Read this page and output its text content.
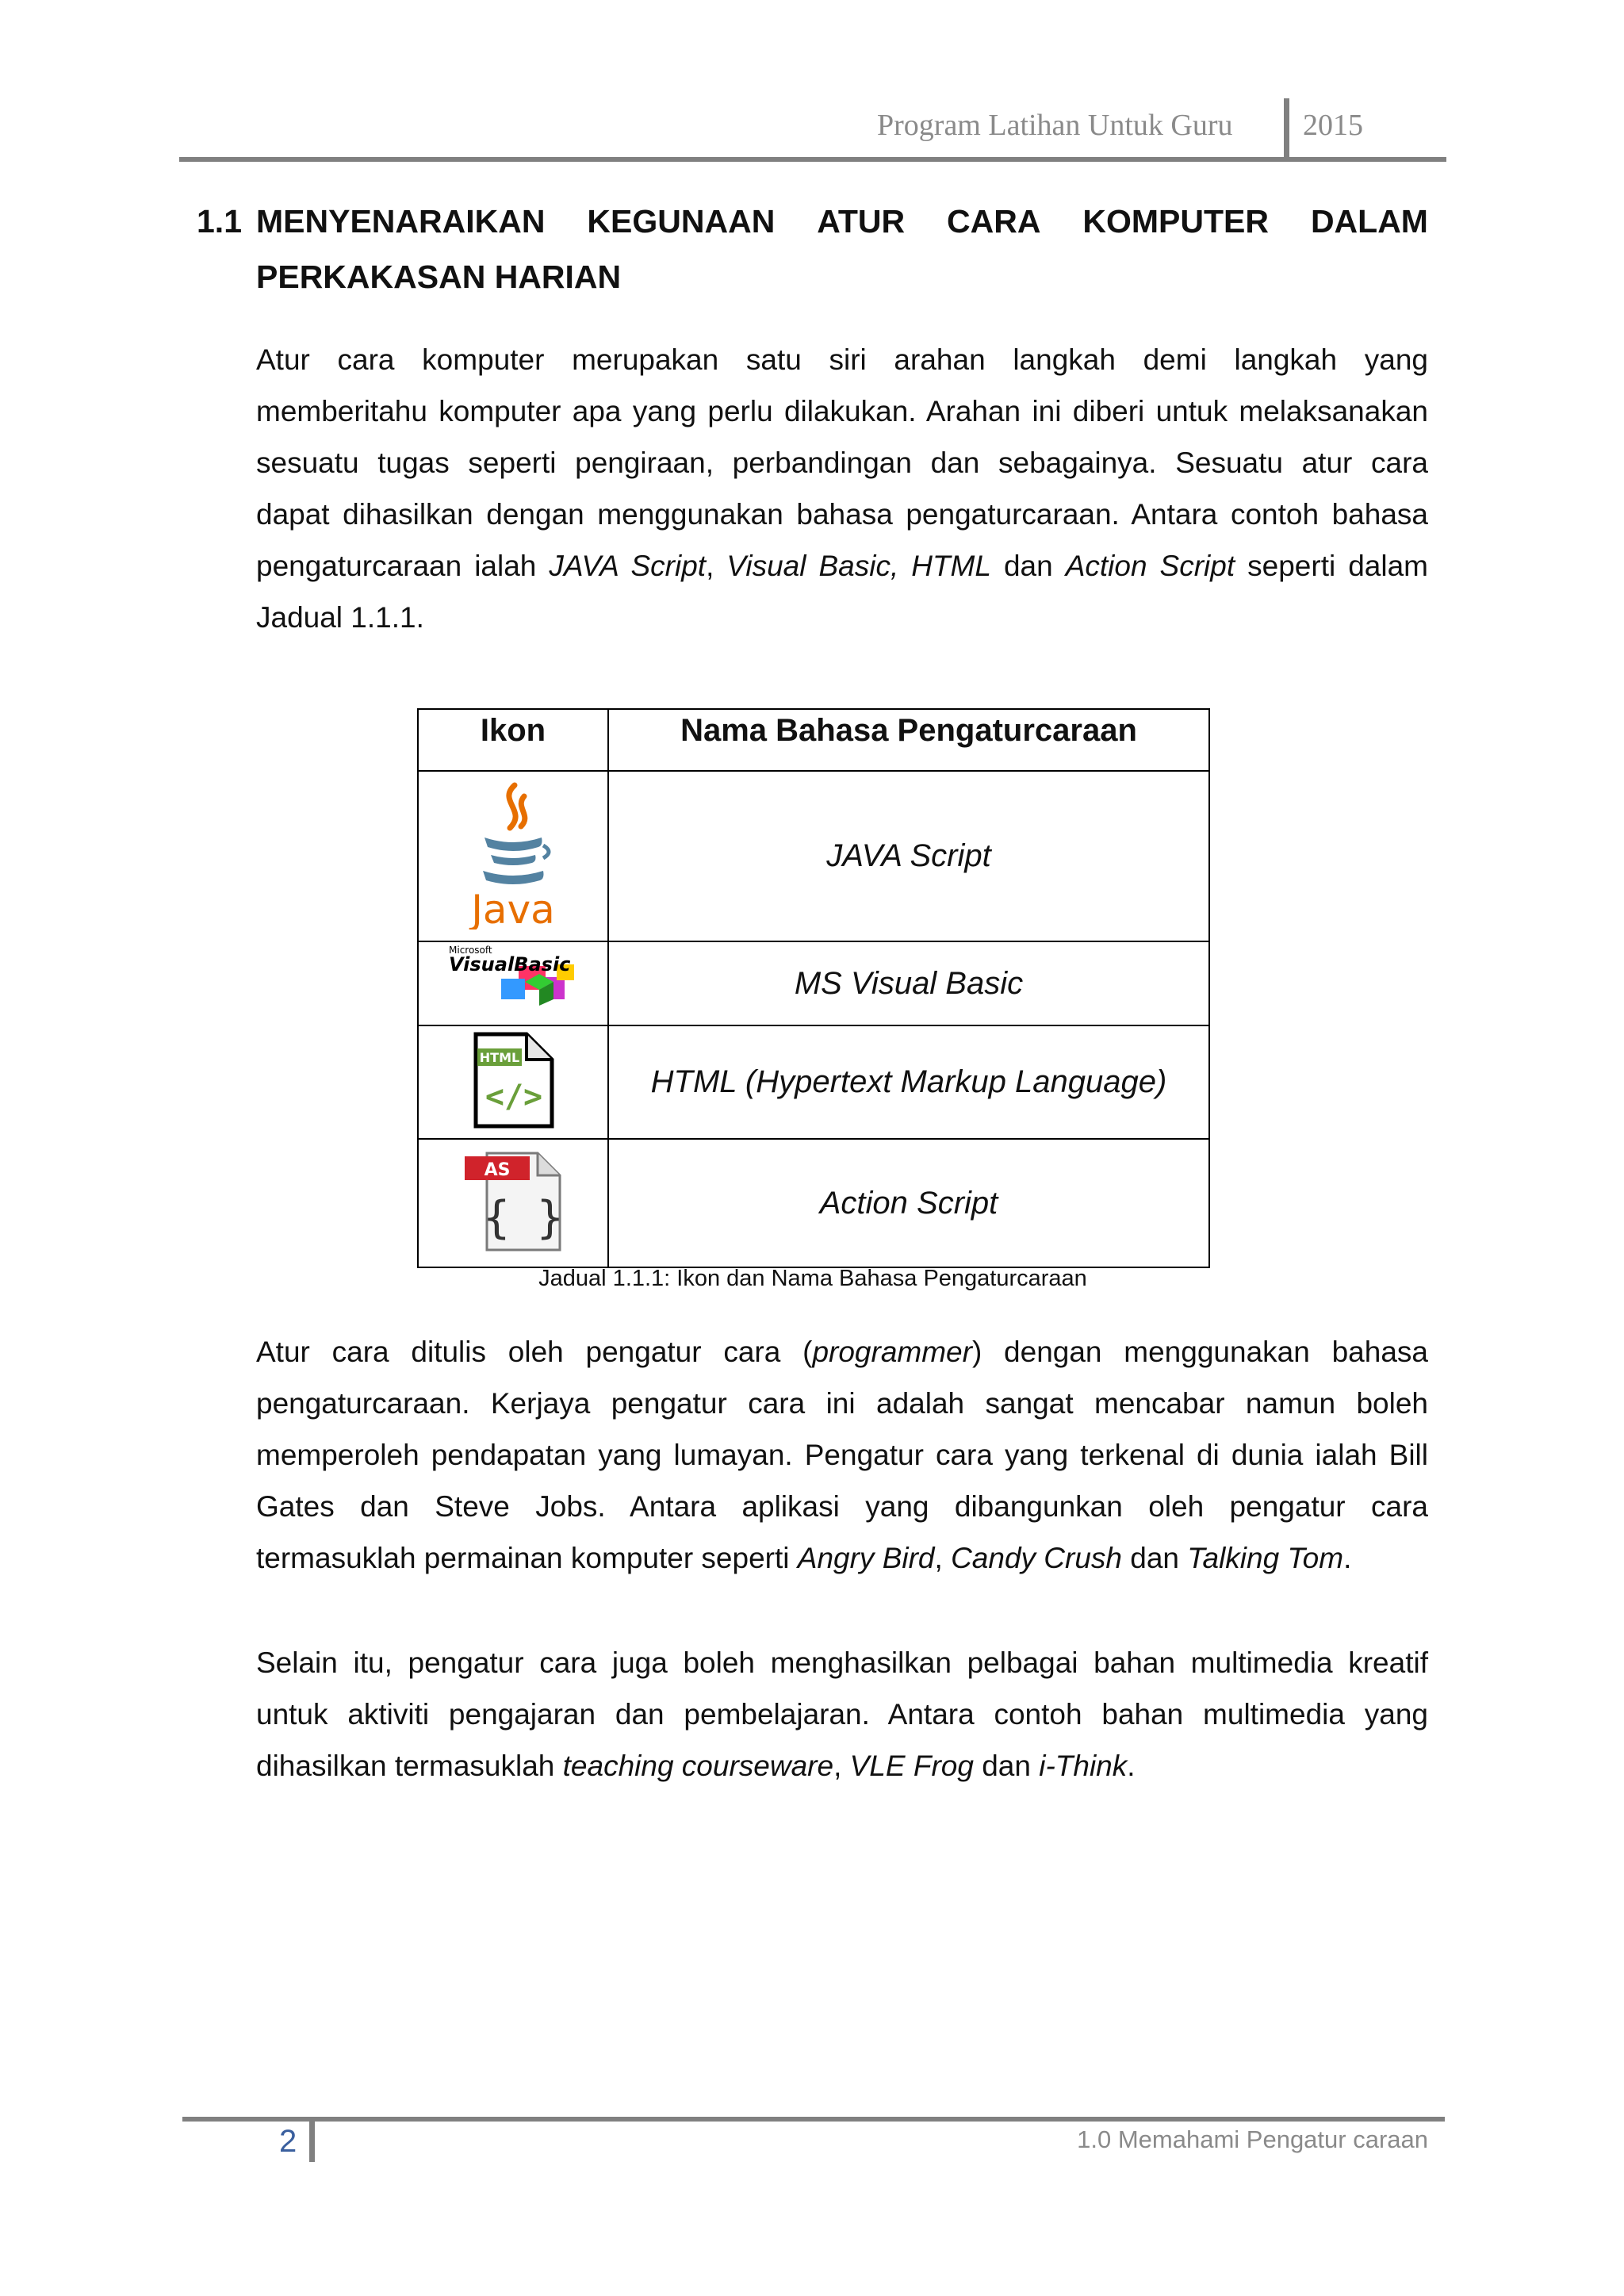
Program Latihan Untuk Guru 2015
1.1 MENYENARAIKAN KEGUNAAN ATUR CARA KOMPUTER DALAM
PERKAKASAN HARIAN
Atur cara komputer merupakan satu siri arahan langkah demi langkah yang
memberitahu komputer apa yang perlu dilakukan. Arahan ini diberi untuk melaksanakan
sesuatu tugas seperti pengiraan, perbandingan dan sebagainya. Sesuatu atur cara
dapat dihasilkan dengan menggunakan bahasa pengaturcaraan. Antara contoh bahasa
pengaturcaraan ialah JAVA Script, Visual Basic, HTML dan Action Script seperti dalam
Jadual 1.1.1.
Ikon	Nama Bahasa Pengaturcaraan

Java	JAVA Script

Microsoft
VisualBasic	MS Visual Basic

HTML
</>	HTML (Hypertext Markup Language)

AS
{ }	Action Script
Jadual 1.1.1: Ikon dan Nama Bahasa Pengaturcaraan
Atur cara ditulis oleh pengatur cara (programmer) dengan menggunakan bahasa
pengaturcaraan. Kerjaya pengatur cara ini adalah sangat mencabar namun boleh
memperoleh pendapatan yang lumayan. Pengatur cara yang terkenal di dunia ialah Bill
Gates dan Steve Jobs. Antara aplikasi yang dibangunkan oleh pengatur cara
termasuklah permainan komputer seperti Angry Bird, Candy Crush dan Talking Tom.
Selain itu, pengatur cara juga boleh menghasilkan pelbagai bahan multimedia kreatif
untuk aktiviti pengajaran dan pembelajaran. Antara contoh bahan multimedia yang
dihasilkan termasuklah teaching courseware, VLE Frog dan i-Think.
2	1.0 Memahami Pengatur caraan
